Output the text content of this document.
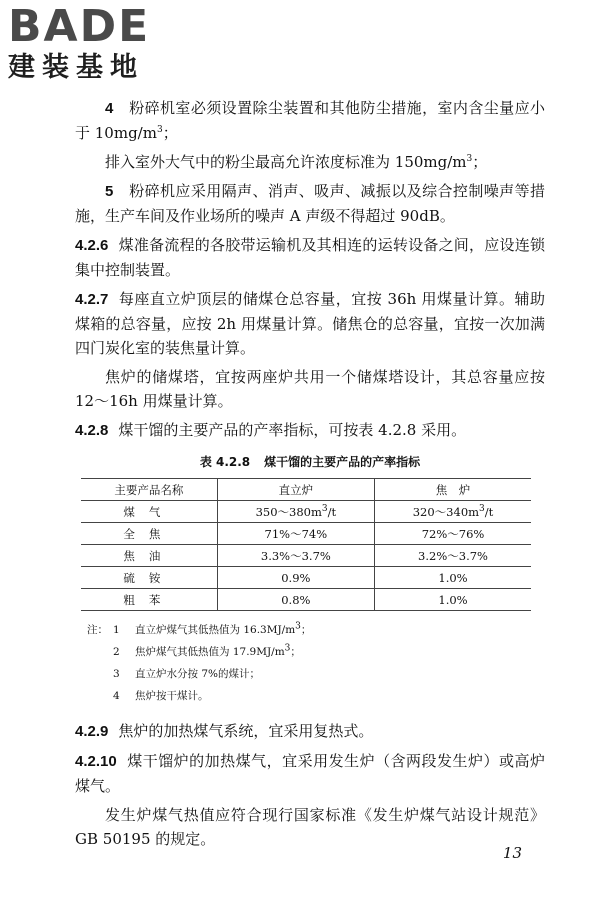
BADE
建装基地

4　 粉碎机室必须设置除尘装置和其他防尘措施，室内含尘量应小于 $10mg/m^3$；

排入室外大气中的粉尘最高允许浓度标准为 $150mg/m^3$；

5　 粉碎机应采用隔声、消声、吸声、减振以及综合控制噪声等措施，生产车间及作业场所的噪声 A 声级不得超过 90dB。

4.2.6 煤准备流程的各胶带运输机及其相连的运转设备之间，应设连锁集中控制装置。

4.2.7 每座直立炉顶层的储煤仓总容量，宜按 36h 用煤量计算。辅助煤箱的总容量，应按 2h 用煤量计算。储焦仓的总容量，宜按一次加满四门炭化室的装焦量计算。

焦炉的储煤塔，宜按两座炉共用一个储煤塔设计，其总容量应按 12～16h 用煤量计算。

4.2.8 煤干馏的主要产品的产率指标，可按表 4.2.8 采用。

表 4.2.8 煤干馏的主要产品的产率指标
主要产品名称	直立炉	焦　炉
煤气	$350\sim 380m^3/t$	$320\sim 340m^3/t$
全焦	71%～74%	72%～76%
焦油	3.3%～3.7%	3.2%～3.7%
硫铵	0.9%	1.0%
粗苯	0.8%	1.0%
注： 1	直立炉煤气其低热值为 $16.3MJ/m^3$；
2	焦炉煤气其低热值为 $17.9MJ/m^3$；
3	直立炉水分按 7%的煤计；
4	焦炉按干煤计。

4.2.9 焦炉的加热煤气系统，宜采用复热式。

4.2.10 煤干馏炉的加热煤气，宜采用发生炉（含两段发生炉）或高炉煤气。

发生炉煤气热值应符合现行国家标准《发生炉煤气站设计规范》GB 50195 的规定。

13
